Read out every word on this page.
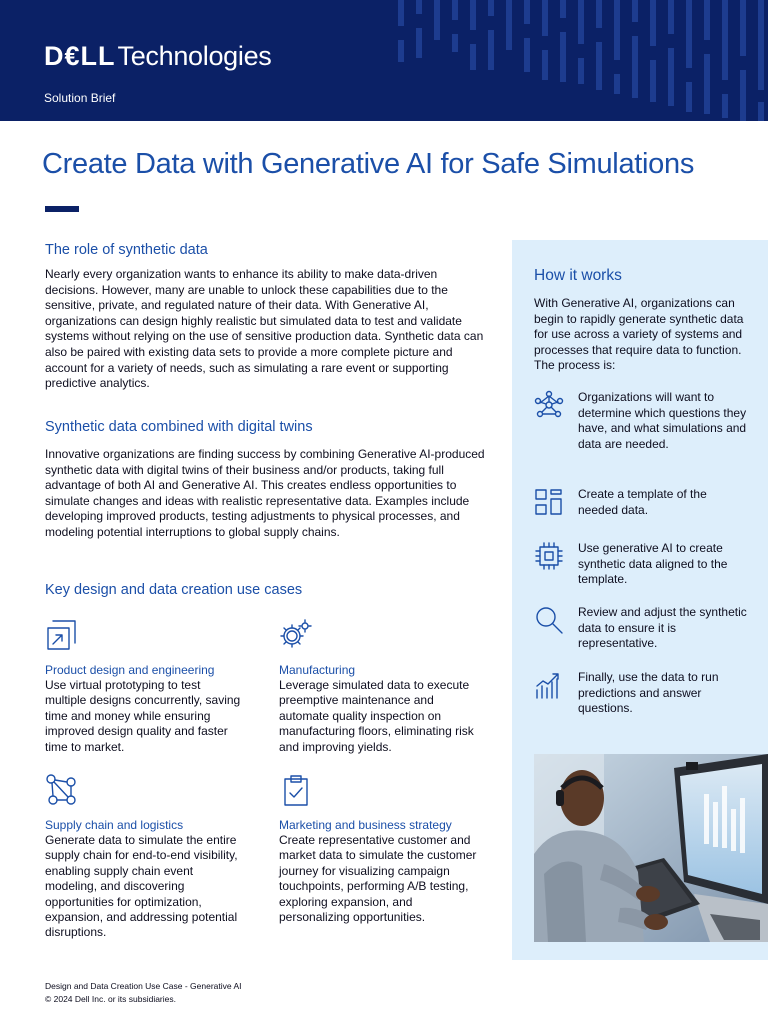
D€LL Technologies
Solution Brief
Create Data with Generative AI for Safe Simulations
The role of synthetic data

Nearly every organization wants to enhance its ability to make data-driven decisions. However, many are unable to unlock these capabilities due to the sensitive, private, and regulated nature of their data. With Generative AI, organizations can design highly realistic but simulated data to test and validate systems without relying on the use of sensitive production data. Synthetic data can also be paired with existing data sets to provide a more complete picture and account for a variety of needs, such as simulating a rare event or supporting predictive analytics.

Synthetic data combined with digital twins

Innovative organizations are finding success by combining Generative AI-produced synthetic data with digital twins of their business and/or products, taking full advantage of both AI and Generative AI. This creates endless opportunities to simulate changes and ideas with realistic representative data. Examples include developing improved products, testing adjustments to physical processes, and modeling potential interruptions to global supply chains.

Key design and data creation use cases

Product design and engineering

Use virtual prototyping to test multiple designs concurrently, saving time and money while ensuring improved design quality and faster time to market.

Manufacturing

Leverage simulated data to execute preemptive maintenance and automate quality inspection on manufacturing floors, eliminating risk and improving yields.

Supply chain and logistics

Generate data to simulate the entire supply chain for end-to-end visibility, enabling supply chain event modeling, and discovering opportunities for optimization, expansion, and addressing potential disruptions.

Marketing and business strategy

Create representative customer and market data to simulate the customer journey for visualizing campaign touchpoints, performing A/B testing, exploring expansion, and personalizing opportunities.

How it works

With Generative AI, organizations can begin to rapidly generate synthetic data for use across a variety of systems and processes that require data to function. The process is:

Organizations will want to determine which questions they have, and what simulations and data are needed.

Create a template of the needed data.

Use generative AI to create synthetic data aligned to the template.

Review and adjust the synthetic data to ensure it is representative.

Finally, use the data to run predictions and answer questions.

Design and Data Creation Use Case - Generative AI
© 2024 Dell Inc. or its subsidiaries.
